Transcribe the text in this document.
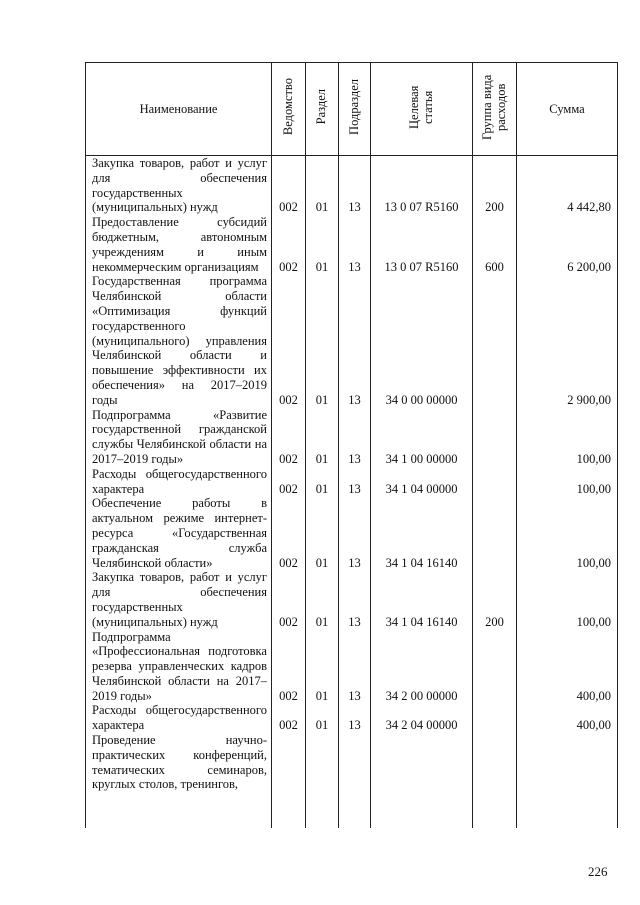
Наименование	Ведомство	Раздел	Подраздел	Целевая статья	Группа вида расходов	Сумма
Закупка товаров, работ и услуг для обеспечения государственных (муниципальных) нужд	002	01	13	13 0 07 R5160	200	4 442,80
Предоставление субсидий бюджетным, автономным учреждениям и иным некоммерческим организациям	002	01	13	13 0 07 R5160	600	6 200,00
Государственная программа Челябинской области «Оптимизация функций государственного (муниципального) управления Челябинской области и повышение эффективности их обеспечения» на 2017–2019 годы	002	01	13	34 0 00 00000		2 900,00
Подпрограмма «Развитие государственной гражданской службы Челябинской области на 2017–2019 годы»	002	01	13	34 1 00 00000		100,00
Расходы общегосударственного характера	002	01	13	34 1 04 00000		100,00
Обеспечение работы в актуальном режиме интернет-ресурса «Государственная гражданская служба Челябинской области»	002	01	13	34 1 04 16140		100,00
Закупка товаров, работ и услуг для обеспечения государственных (муниципальных) нужд	002	01	13	34 1 04 16140	200	100,00
Подпрограмма «Профессиональная подготовка резерва управленческих кадров Челябинской области на 2017–2019 годы»	002	01	13	34 2 00 00000		400,00
Расходы общегосударственного характера	002	01	13	34 2 04 00000		400,00
Проведение научно-практических конференций, тематических семинаров, круглых столов, тренингов,						
226
